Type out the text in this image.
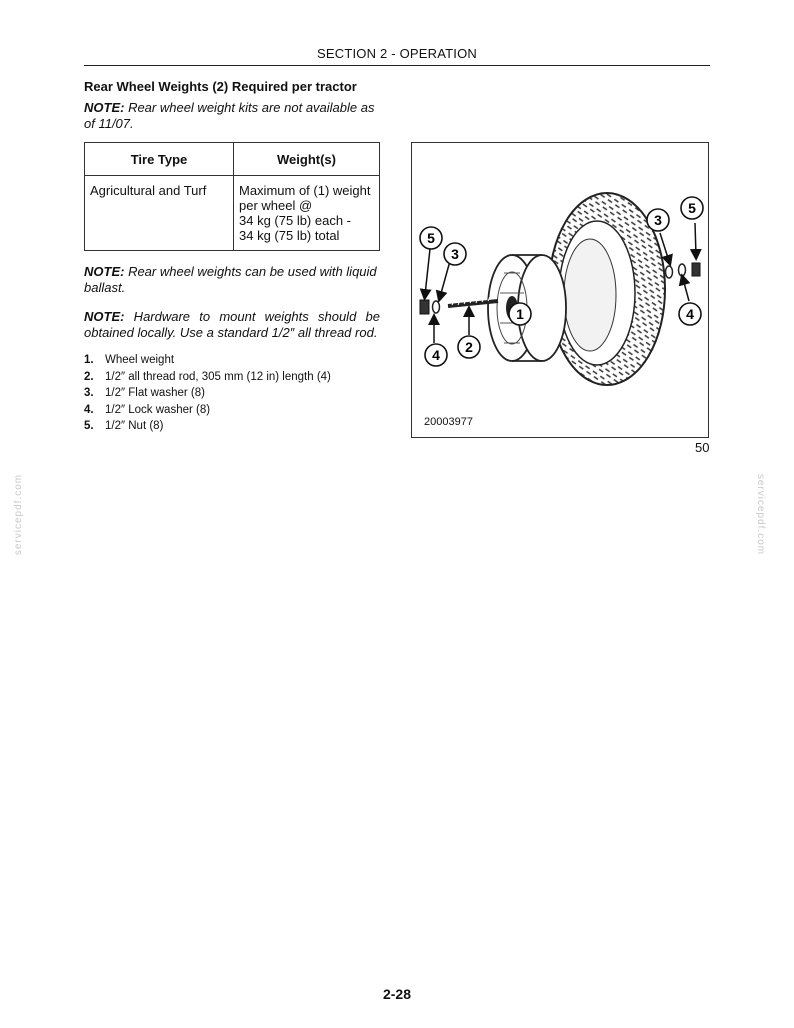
SECTION 2 - OPERATION
Rear Wheel Weights (2) Required per tractor
NOTE: Rear wheel weight kits are not available as of 11/07.
Tire Type	Weight(s)
Agricultural and Turf	Maximum of (1) weight
per wheel @
34 kg (75 lb) each -
34 kg (75 lb) total
NOTE: Rear wheel weights can be used with liquid ballast.
NOTE: Hardware to mount weights should be obtained locally. Use a standard 1/2″ all thread rod.
1. Wheel weight
2. 1/2″ all thread rod, 305 mm (12 in) length (4)
3. 1/2″ Flat washer (8)
4. 1/2″ Lock washer (8)
5. 1/2″ Nut (8)
1
2
3
3
4
4
5
5
20003977
50
2-28
servicepdf.com	servicepdf.com
